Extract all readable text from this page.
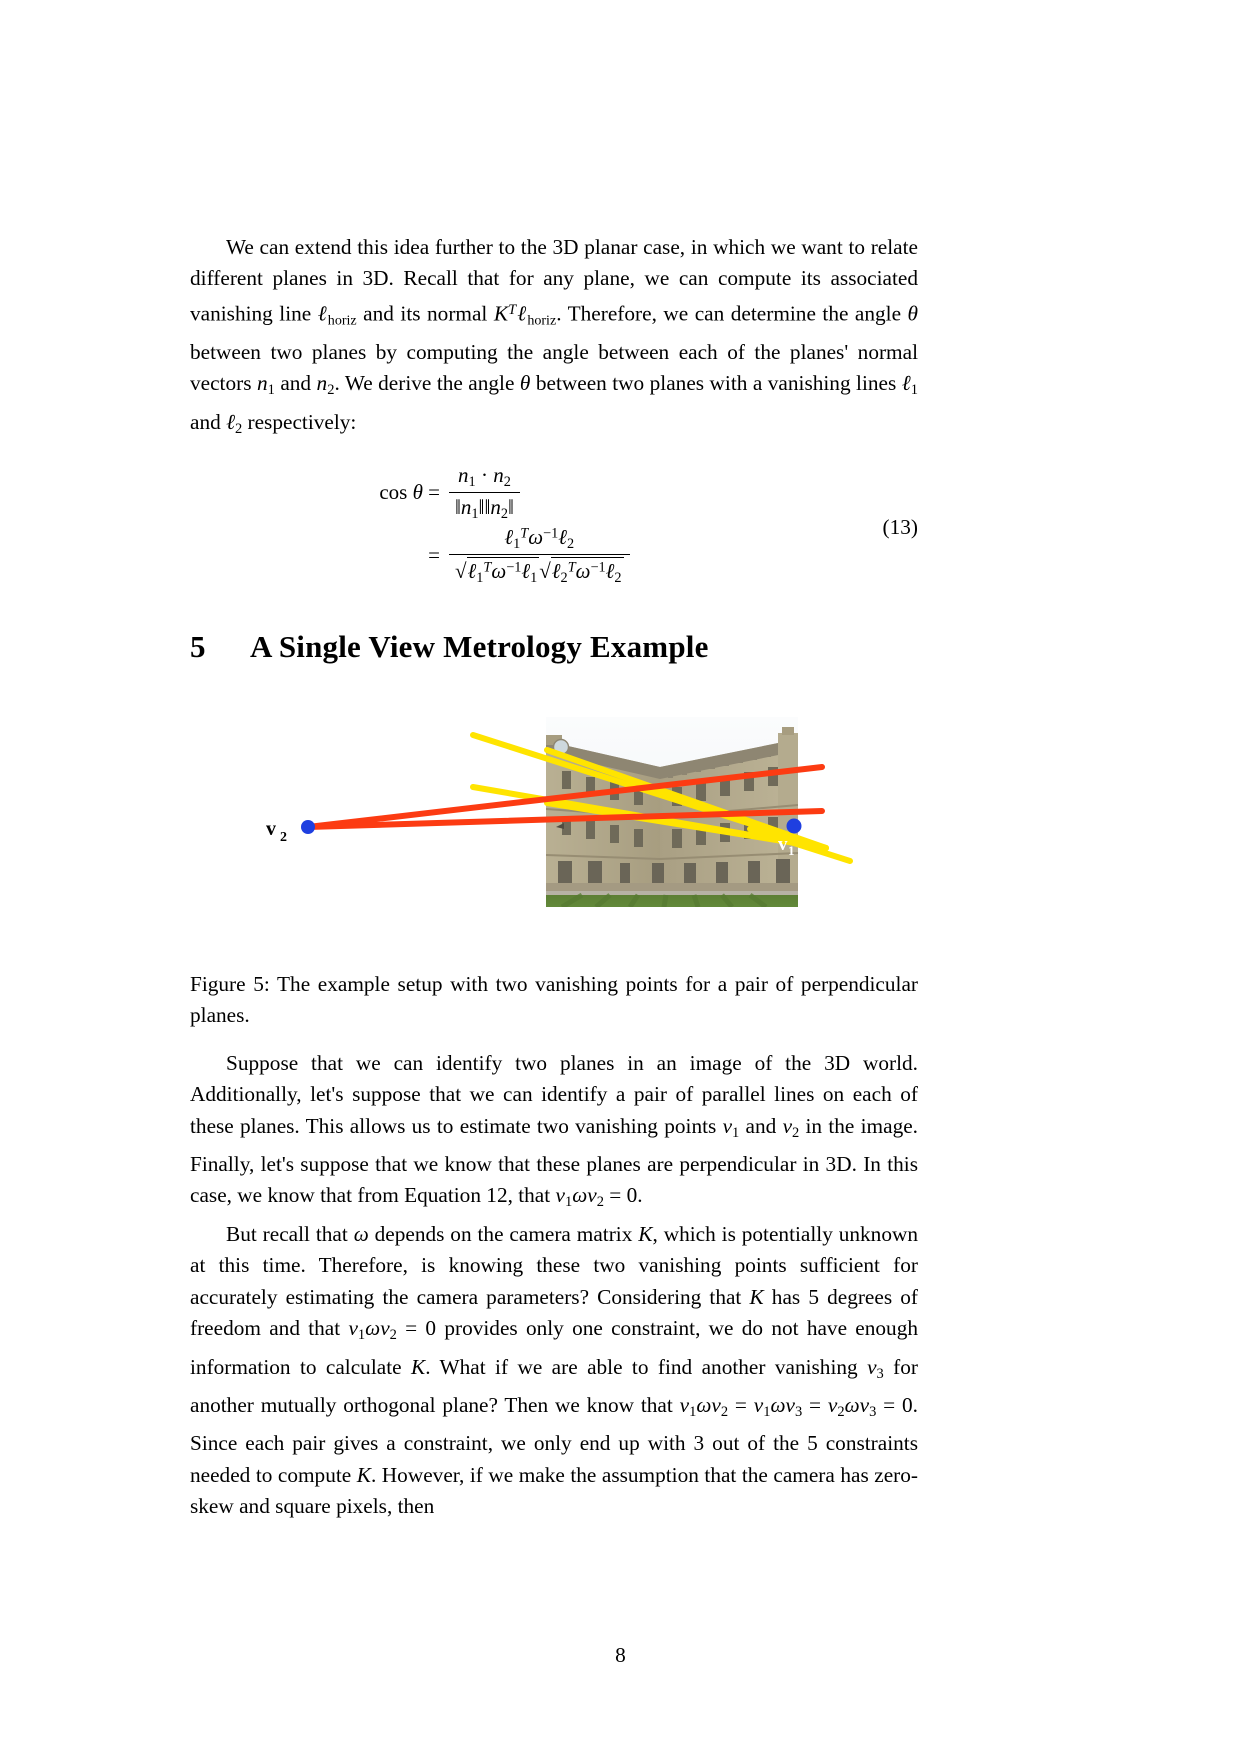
We can extend this idea further to the 3D planar case, in which we want to relate different planes in 3D. Recall that for any plane, we can compute its associated vanishing line ℓhoriz and its normal $K^T\ell horiz$. Therefore, we can determine the angle θ between two planes by computing the angle between each of the planes' normal vectors $n_1$ and $n_2$. We derive the angle θ between two planes with a vanishing lines ℓ$_1$ and ℓ$_2$ respectively:
$\cos \theta = \frac{n_1 \cdot n_2}{‖n_1‖‖n_2‖}$
= $\frac{\ell_1^T\omega^{-1}\ell_2}{√\ell_1^T\omega^{-1}\ell_1√\ell_2^T\omega^{-1}\ell_2}$	(13)
5 A Single View Metrology Example
v 2	v 1
Figure 5: The example setup with two vanishing points for a pair of perpendicular planes.
Suppose that we can identify two planes in an image of the 3D world. Additionally, let's suppose that we can identify a pair of parallel lines on each of these planes. This allows us to estimate two vanishing points $v_1$ and $v_2$ in the image. Finally, let's suppose that we know that these planes are perpendicular in 3D. In this case, we know that from Equation 12, that $v_1\omega v_2 = 0$.
But recall that ω depends on the camera matrix K, which is potentially unknown at this time. Therefore, is knowing these two vanishing points sufficient for accurately estimating the camera parameters? Considering that K has 5 degrees of freedom and that $v_1\omega v_2 = 0$ provides only one constraint, we do not have enough information to calculate K. What if we are able to find another vanishing $v_3$ for another mutually orthogonal plane? Then we know that $v_1\omega v_2 = v_1\omega v_3 = v_2\omega v_3 = 0$. Since each pair gives a constraint, we only end up with 3 out of the 5 constraints needed to compute K. However, if we make the assumption that the camera has zero-skew and square pixels, then
8
